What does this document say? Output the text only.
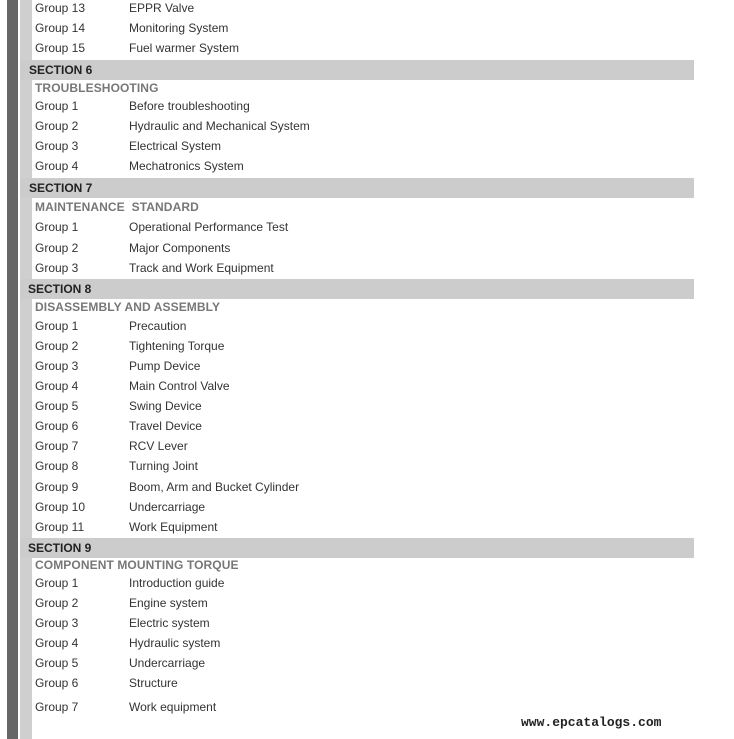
Group 13	EPPR Valve
Group 14	Monitoring System
Group 15	Fuel warmer System
SECTION 6
TROUBLESHOOTING
Group 1	Before troubleshooting
Group 2	Hydraulic and Mechanical System
Group 3	Electrical System
Group 4	Mechatronics System
SECTION 7
MAINTENANCE  STANDARD
Group 1	Operational Performance Test
Group 2	Major Components
Group 3	Track and Work Equipment
SECTION 8
DISASSEMBLY AND ASSEMBLY
Group 1	Precaution
Group 2	Tightening Torque
Group 3	Pump Device
Group 4	Main Control Valve
Group 5	Swing Device
Group 6	Travel Device
Group 7	RCV Lever
Group 8	Turning Joint
Group 9	Boom, Arm and Bucket Cylinder
Group 10	Undercarriage
Group 11	Work Equipment
SECTION 9
COMPONENT MOUNTING TORQUE
Group 1	Introduction guide
Group 2	Engine system
Group 3	Electric system
Group 4	Hydraulic system
Group 5	Undercarriage
Group 6	Structure
Group 7	Work equipment
www.epcatalogs.com
